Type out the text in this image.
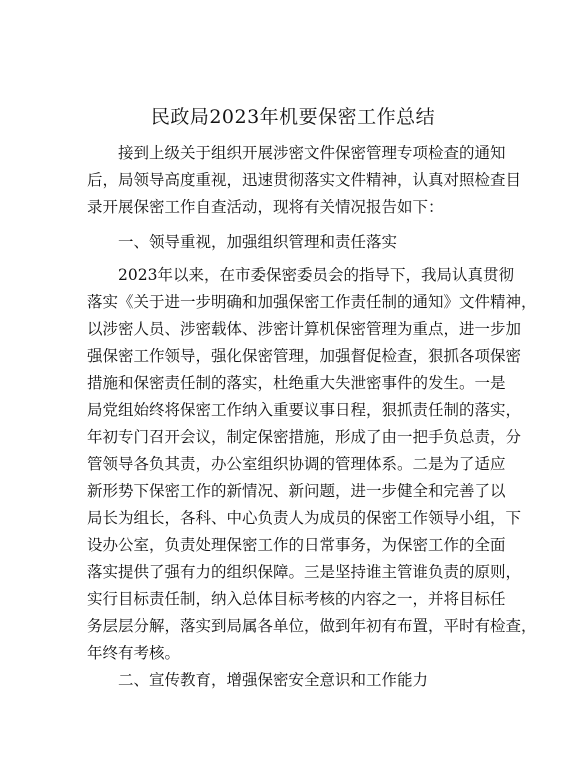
民政局2023年机要保密工作总结
接到上级关于组织开展涉密文件保密管理专项检查的通知
后，局领导高度重视，迅速贯彻落实文件精神，认真对照检查目
录开展保密工作自查活动，现将有关情况报告如下：
一、领导重视，加强组织管理和责任落实
2023年以来，在市委保密委员会的指导下，我局认真贯彻
落实《关于进一步明确和加强保密工作责任制的通知》文件精神，
以涉密人员、涉密载体、涉密计算机保密管理为重点，进一步加
强保密工作领导，强化保密管理，加强督促检查，狠抓各项保密
措施和保密责任制的落实，杜绝重大失泄密事件的发生。一是
局党组始终将保密工作纳入重要议事日程，狠抓责任制的落实，
年初专门召开会议，制定保密措施，形成了由一把手负总责，分
管领导各负其责，办公室组织协调的管理体系。二是为了适应
新形势下保密工作的新情况、新问题，进一步健全和完善了以
局长为组长，各科、中心负责人为成员的保密工作领导小组，下
设办公室，负责处理保密工作的日常事务，为保密工作的全面
落实提供了强有力的组织保障。三是坚持谁主管谁负责的原则，
实行目标责任制，纳入总体目标考核的内容之一，并将目标任
务层层分解，落实到局属各单位，做到年初有布置，平时有检查，
年终有考核。
二、宣传教育，增强保密安全意识和工作能力
